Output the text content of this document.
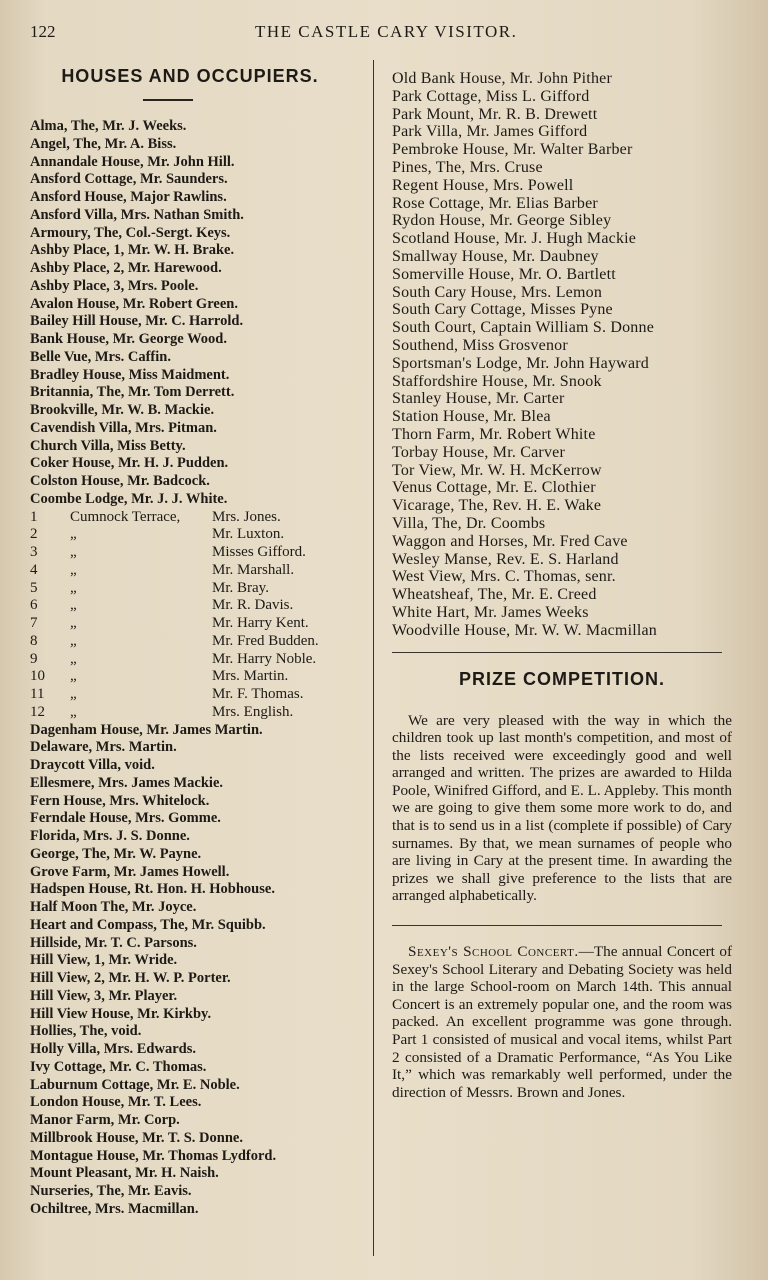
122	THE CASTLE CARY VISITOR.
HOUSES AND OCCUPIERS.
Alma, The, Mr. J. Weeks.
Angel, The, Mr. A. Biss.
Annandale House, Mr. John Hill.
Ansford Cottage, Mr. Saunders.
Ansford House, Major Rawlins.
Ansford Villa, Mrs. Nathan Smith.
Armoury, The, Col.-Sergt. Keys.
Ashby Place, 1, Mr. W. H. Brake.
Ashby Place, 2, Mr. Harewood.
Ashby Place, 3, Mrs. Poole.
Avalon House, Mr. Robert Green.
Bailey Hill House, Mr. C. Harrold.
Bank House, Mr. George Wood.
Belle Vue, Mrs. Caffin.
Bradley House, Miss Maidment.
Britannia, The, Mr. Tom Derrett.
Brookville, Mr. W. B. Mackie.
Cavendish Villa, Mrs. Pitman.
Church Villa, Miss Betty.
Coker House, Mr. H. J. Pudden.
Colston House, Mr. Badcock.
Coombe Lodge, Mr. J. J. White.
1	Cumnock Terrace, Mrs. Jones.
2	„	Mr. Luxton.
3	„	Misses Gifford.
4	„	Mr. Marshall.
5	„	Mr. Bray.
6	„	Mr. R. Davis.
7	„	Mr. Harry Kent.
8	„	Mr. Fred Budden.
9	„	Mr. Harry Noble.
10	„	Mrs. Martin.
11	„	Mr. F. Thomas.
12	„	Mrs. English.
Dagenham House, Mr. James Martin.
Delaware, Mrs. Martin.
Draycott Villa, void.
Ellesmere, Mrs. James Mackie.
Fern House, Mrs. Whitelock.
Ferndale House, Mrs. Gomme.
Florida, Mrs. J. S. Donne.
George, The, Mr. W. Payne.
Grove Farm, Mr. James Howell.
Hadspen House, Rt. Hon. H. Hobhouse.
Half Moon The, Mr. Joyce.
Heart and Compass, The, Mr. Squibb.
Hillside, Mr. T. C. Parsons.
Hill View, 1, Mr. Wride.
Hill View, 2, Mr. H. W. P. Porter.
Hill View, 3, Mr. Player.
Hill View House, Mr. Kirkby.
Hollies, The, void.
Holly Villa, Mrs. Edwards.
Ivy Cottage, Mr. C. Thomas.
Laburnum Cottage, Mr. E. Noble.
London House, Mr. T. Lees.
Manor Farm, Mr. Corp.
Millbrook House, Mr. T. S. Donne.
Montague House, Mr. Thomas Lydford.
Mount Pleasant, Mr. H. Naish.
Nurseries, The, Mr. Eavis.
Ochiltree, Mrs. Macmillan.
Old Bank House, Mr. John Pither
Park Cottage, Miss L. Gifford
Park Mount, Mr. R. B. Drewett
Park Villa, Mr. James Gifford
Pembroke House, Mr. Walter Barber
Pines, The, Mrs. Cruse
Regent House, Mrs. Powell
Rose Cottage, Mr. Elias Barber
Rydon House, Mr. George Sibley
Scotland House, Mr. J. Hugh Mackie
Smallway House, Mr. Daubney
Somerville House, Mr. O. Bartlett
South Cary House, Mrs. Lemon
South Cary Cottage, Misses Pyne
South Court, Captain William S. Donne
Southend, Miss Grosvenor
Sportsman's Lodge, Mr. John Hayward
Staffordshire House, Mr. Snook
Stanley House, Mr. Carter
Station House, Mr. Blea
Thorn Farm, Mr. Robert White
Torbay House, Mr. Carver
Tor View, Mr. W. H. McKerrow
Venus Cottage, Mr. E. Clothier
Vicarage, The, Rev. H. E. Wake
Villa, The, Dr. Coombs
Waggon and Horses, Mr. Fred Cave
Wesley Manse, Rev. E. S. Harland
West View, Mrs. C. Thomas, senr.
Wheatsheaf, The, Mr. E. Creed
White Hart, Mr. James Weeks
Woodville House, Mr. W. W. Macmillan
PRIZE COMPETITION.

We are very pleased with the way in which the children took up last month's competition, and most of the lists received were exceedingly good and well arranged and written. The prizes are awarded to Hilda Poole, Winifred Gifford, and E. L. Appleby. This month we are going to give them some more work to do, and that is to send us in a list (complete if possible) of Cary surnames. By that, we mean surnames of people who are living in Cary at the present time. In awarding the prizes we shall give preference to the lists that are arranged alphabetically.

Sexey's School Concert.—The annual Concert of Sexey's School Literary and Debating Society was held in the large School-room on March 14th. This annual Concert is an extremely popular one, and the room was packed. An excellent programme was gone through. Part 1 consisted of musical and vocal items, whilst Part 2 consisted of a Dramatic Performance, “As You Like It,” which was remarkably well performed, under the direction of Messrs. Brown and Jones.
